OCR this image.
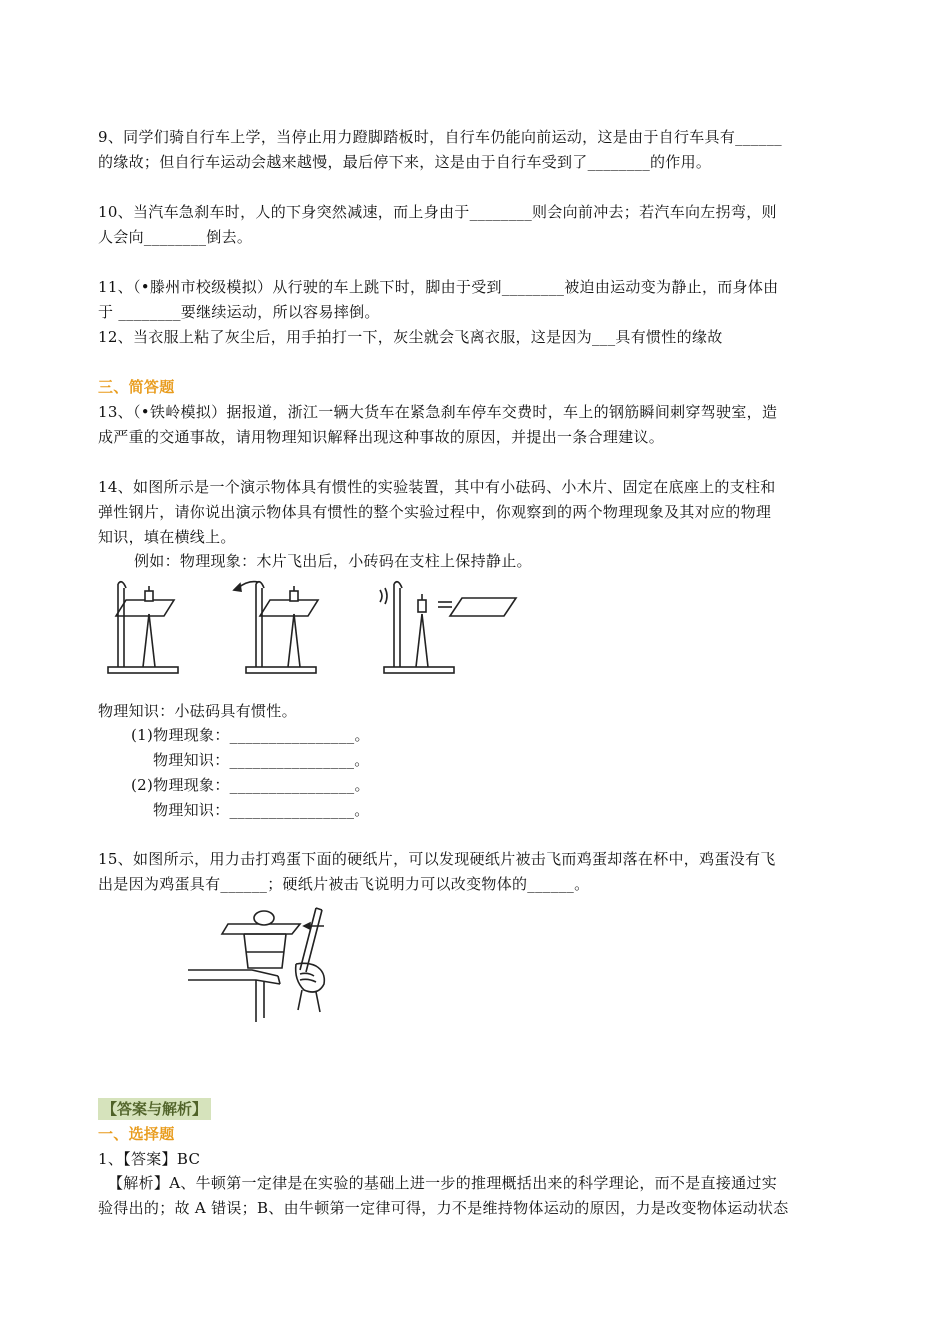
9、同学们骑自行车上学，当停止用力蹬脚踏板时，自行车仍能向前运动，这是由于自行车具有______
的缘故；但自行车运动会越来越慢，最后停下来，这是由于自行车受到了________的作用。
10、当汽车急刹车时，人的下身突然减速，而上身由于________则会向前冲去；若汽车向左拐弯，则
人会向________倒去。
11、（•滕州市校级模拟）从行驶的车上跳下时，脚由于受到________被迫由运动变为静止，而身体由
于 ________要继续运动，所以容易摔倒。
12、当衣服上粘了灰尘后，用手拍打一下，灰尘就会飞离衣服，这是因为___具有惯性的缘故
三、简答题
13、（•铁岭模拟）据报道，浙江一辆大货车在紧急刹车停车交费时，车上的钢筋瞬间刺穿驾驶室，造
成严重的交通事故，请用物理知识解释出现这种事故的原因，并提出一条合理建议。
14、如图所示是一个演示物体具有惯性的实验装置，其中有小砝码、小木片、固定在底座上的支柱和
弹性钢片，请你说出演示物体具有惯性的整个实验过程中，你观察到的两个物理现象及其对应的物理
知识，填在横线上。
例如：物理现象：木片飞出后，小砖码在支柱上保持静止。
物理知识：小砝码具有惯性。
(1)物理现象：________________。
物理知识：________________。
(2)物理现象：________________。
物理知识：________________。
15、如图所示，用力击打鸡蛋下面的硬纸片，可以发现硬纸片被击飞而鸡蛋却落在杯中，鸡蛋没有飞
出是因为鸡蛋具有______；硬纸片被击飞说明力可以改变物体的______。
【答案与解析】
一、选择题
1、【答案】BC
【解析】A、牛顿第一定律是在实验的基础上进一步的推理概括出来的科学理论，而不是直接通过实
验得出的；故 A 错误；B、由牛顿第一定律可得，力不是维持物体运动的原因，力是改变物体运动状态
